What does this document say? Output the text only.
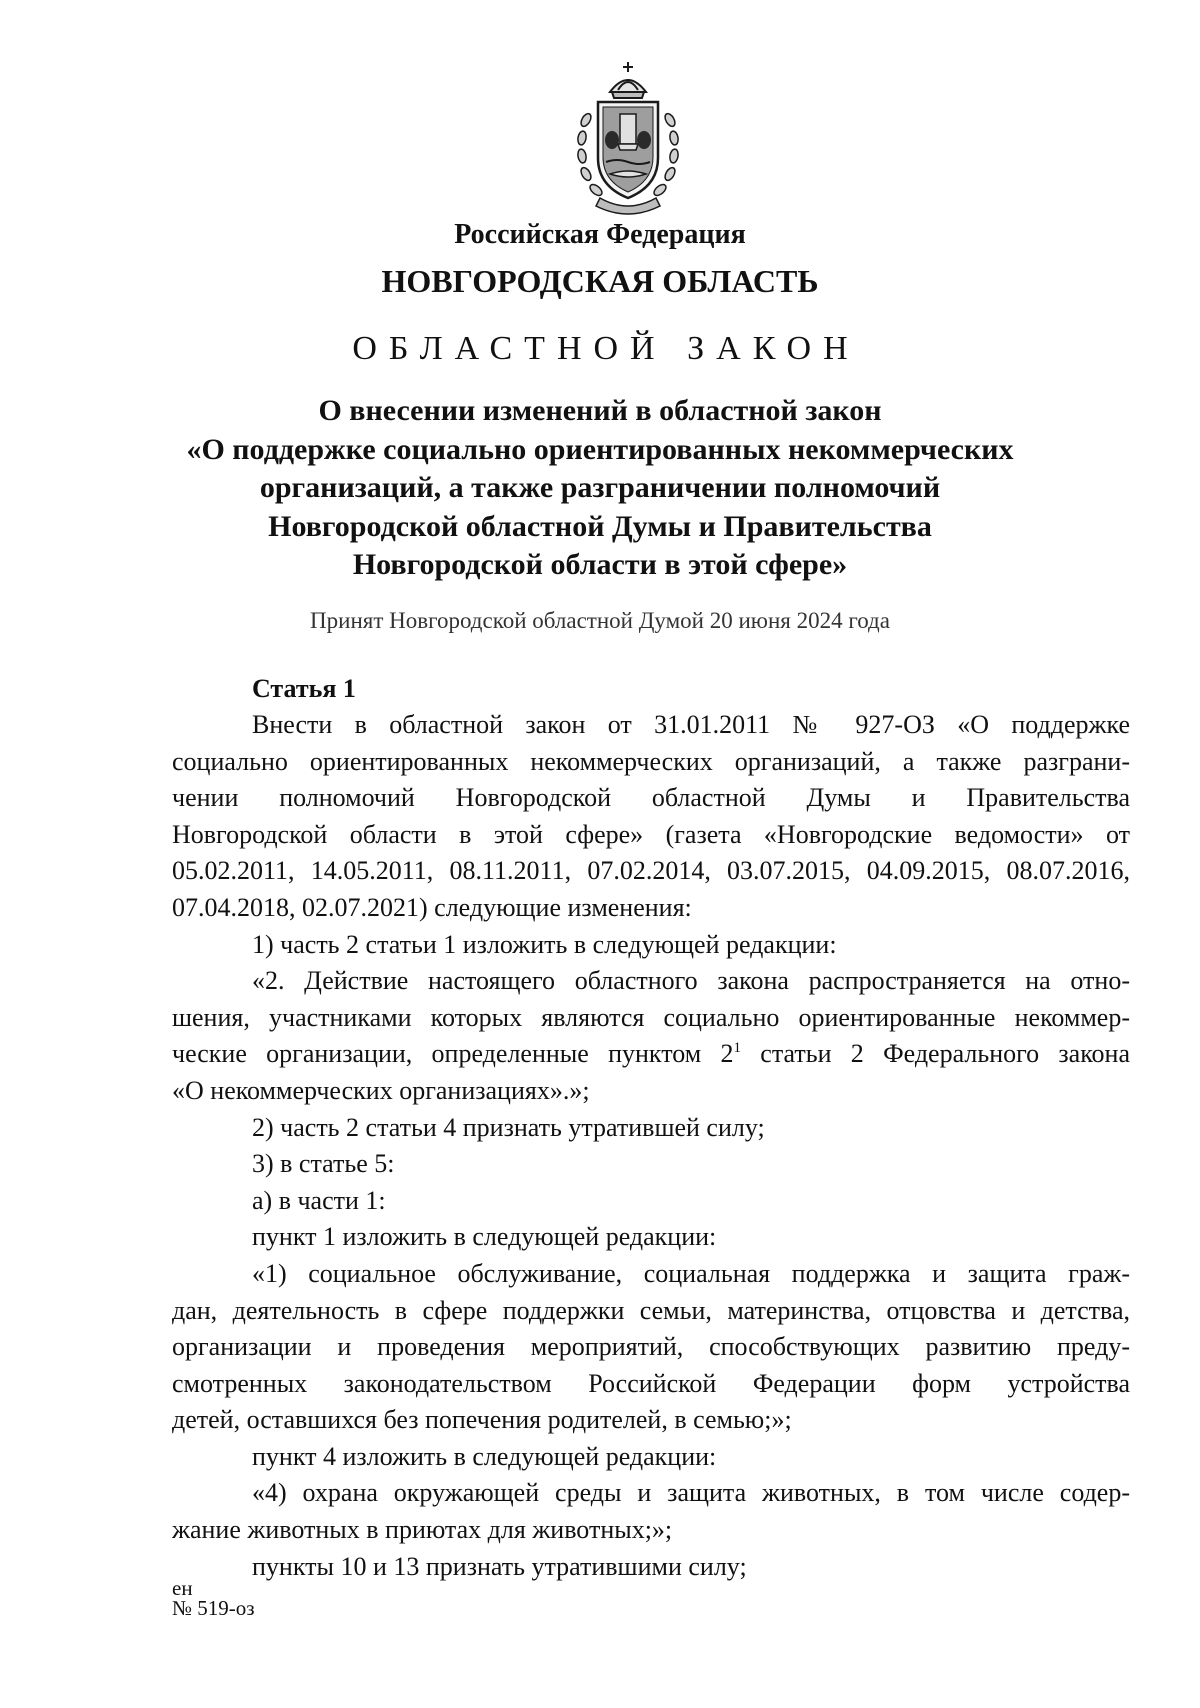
Российская Федерация
НОВГОРОДСКАЯ ОБЛАСТЬ
ОБЛАСТНОЙ ЗАКОН
О внесении изменений в областной закон
«О поддержке социально ориентированных некоммерческих
организаций, а также разграничении полномочий
Новгородской областной Думы и Правительства
Новгородской области в этой сфере»
Принят Новгородской областной Думой 20 июня 2024 года
Статья 1
Внести в областной закон от 31.01.2011 № 927-ОЗ «О поддержке
социально ориентированных некоммерческих организаций, а также разграни-
чении полномочий Новгородской областной Думы и Правительства
Новгородской области в этой сфере» (газета «Новгородские ведомости» от
05.02.2011, 14.05.2011, 08.11.2011, 07.02.2014, 03.07.2015, 04.09.2015, 08.07.2016,
07.04.2018, 02.07.2021) следующие изменения:
1) часть 2 статьи 1 изложить в следующей редакции:
«2. Действие настоящего областного закона распространяется на отно-
шения, участниками которых являются социально ориентированные некоммер-
ческие организации, определенные пунктом $2^1$ статьи 2 Федерального закона
«О некоммерческих организациях».»;
2) часть 2 статьи 4 признать утратившей силу;
3) в статье 5:
а) в части 1:
пункт 1 изложить в следующей редакции:
«1) социальное обслуживание, социальная поддержка и защита граж-
дан, деятельность в сфере поддержки семьи, материнства, отцовства и детства,
организации и проведения мероприятий, способствующих развитию преду-
смотренных законодательством Российской Федерации форм устройства
детей, оставшихся без попечения родителей, в семью;»;
пункт 4 изложить в следующей редакции:
«4) охрана окружающей среды и защита животных, в том числе содер-
жание животных в приютах для животных;»;
пункты 10 и 13 признать утратившими силу;
ен
№ 519-оз
